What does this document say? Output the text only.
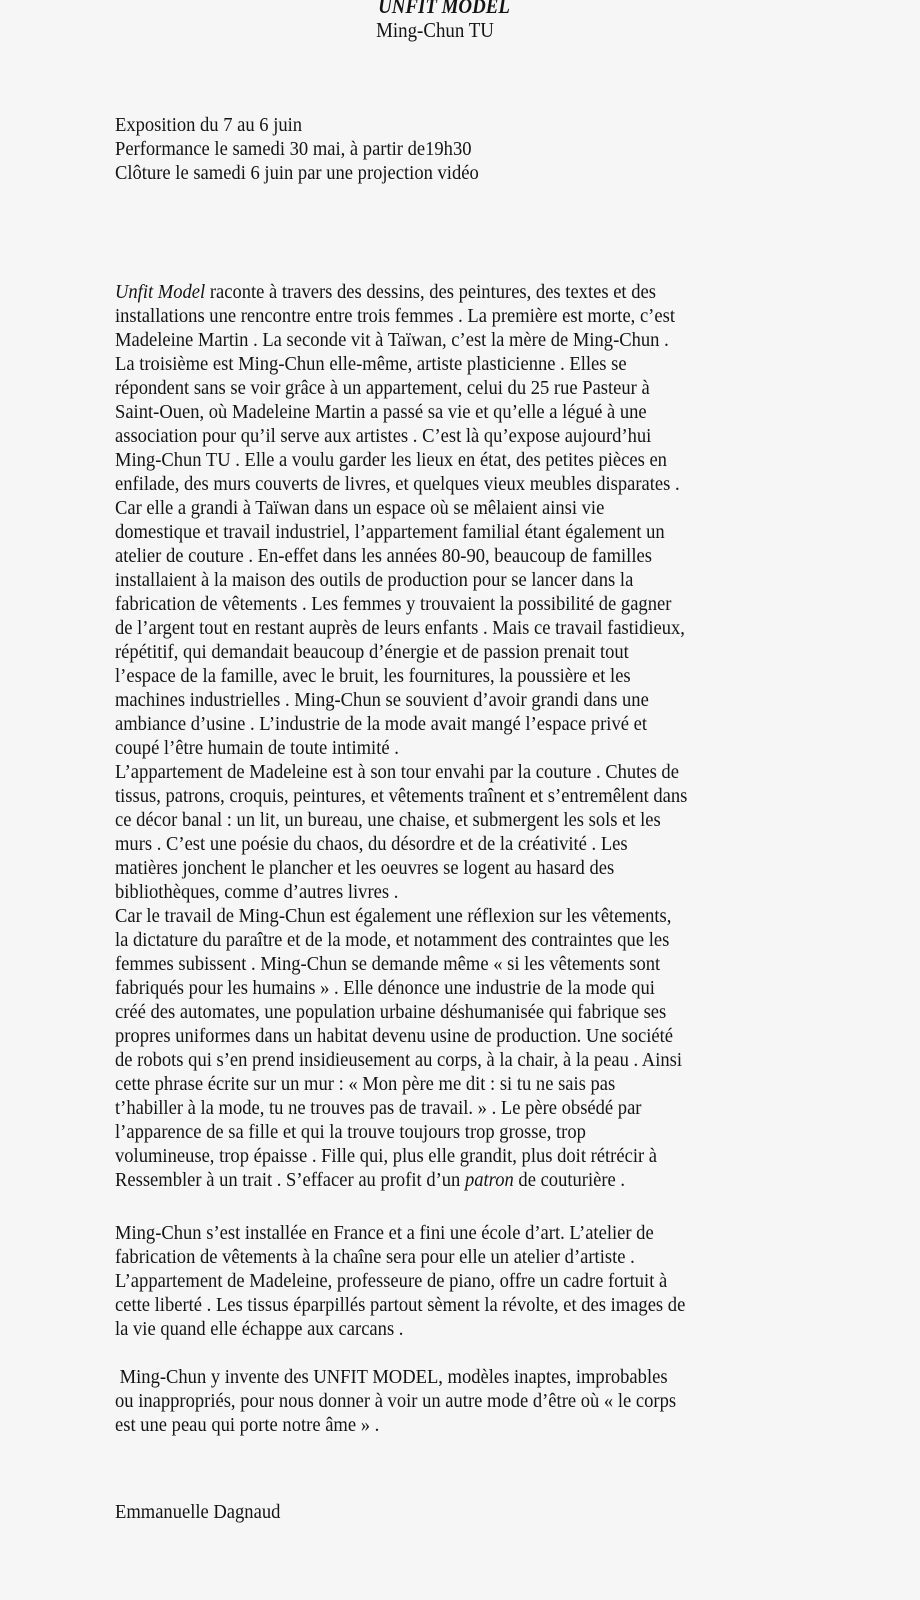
UNFIT MODEL
Ming-Chun TU
Exposition du 7 au 6 juin
Performance le samedi 30 mai, à partir de19h30
Clôture le samedi 6 juin par une projection vidéo
Unfit Model raconte à travers des dessins, des peintures, des textes et des
installations une rencontre entre trois femmes . La première est morte, c’est
Madeleine Martin . La seconde vit à Taïwan, c’est la mère de Ming-Chun .
La troisième est Ming-Chun elle-même, artiste plasticienne . Elles se
répondent sans se voir grâce à un appartement, celui du 25 rue Pasteur à
Saint-Ouen, où Madeleine Martin a passé sa vie et qu’elle a légué à une
association pour qu’il serve aux artistes . C’est là qu’expose aujourd’hui
Ming-Chun TU . Elle a voulu garder les lieux en état, des petites pièces en
enfilade, des murs couverts de livres, et quelques vieux meubles disparates .
Car elle a grandi à Taïwan dans un espace où se mêlaient ainsi vie
domestique et travail industriel, l’appartement familial étant également un
atelier de couture . En-effet dans les années 80-90, beaucoup de familles
installaient à la maison des outils de production pour se lancer dans la
fabrication de vêtements . Les femmes y trouvaient la possibilité de gagner
de l’argent tout en restant auprès de leurs enfants . Mais ce travail fastidieux,
répétitif, qui demandait beaucoup d’énergie et de passion prenait tout
l’espace de la famille, avec le bruit, les fournitures, la poussière et les
machines industrielles . Ming-Chun se souvient d’avoir grandi dans une
ambiance d’usine . L’industrie de la mode avait mangé l’espace privé et
coupé l’être humain de toute intimité .
L’appartement de Madeleine est à son tour envahi par la couture . Chutes de
tissus, patrons, croquis, peintures, et vêtements traînent et s’entremêlent dans
ce décor banal : un lit, un bureau, une chaise, et submergent les sols et les
murs . C’est une poésie du chaos, du désordre et de la créativité . Les
matières jonchent le plancher et les oeuvres se logent au hasard des
bibliothèques, comme d’autres livres .
Car le travail de Ming-Chun est également une réflexion sur les vêtements,
la dictature du paraître et de la mode, et notamment des contraintes que les
femmes subissent . Ming-Chun se demande même « si les vêtements sont
fabriqués pour les humains » . Elle dénonce une industrie de la mode qui
créé des automates, une population urbaine déshumanisée qui fabrique ses
propres uniformes dans un habitat devenu usine de production. Une société
de robots qui s’en prend insidieusement au corps, à la chair, à la peau . Ainsi
cette phrase écrite sur un mur : « Mon père me dit : si tu ne sais pas
t’habiller à la mode, tu ne trouves pas de travail. » . Le père obsédé par
l’apparence de sa fille et qui la trouve toujours trop grosse, trop
volumineuse, trop épaisse . Fille qui, plus elle grandit, plus doit rétrécir à
Ressembler à un trait . S’effacer au profit d’un patron de couturière .
Ming-Chun s’est installée en France et a fini une école d’art. L’atelier de
fabrication de vêtements à la chaîne sera pour elle un atelier d’artiste .
L’appartement de Madeleine, professeure de piano, offre un cadre fortuit à
cette liberté . Les tissus éparpillés partout sèment la révolte, et des images de
la vie quand elle échappe aux carcans .
Ming-Chun y invente des UNFIT MODEL, modèles inaptes, improbables
ou inappropriés, pour nous donner à voir un autre mode d’être où « le corps
est une peau qui porte notre âme » .
Emmanuelle Dagnaud
